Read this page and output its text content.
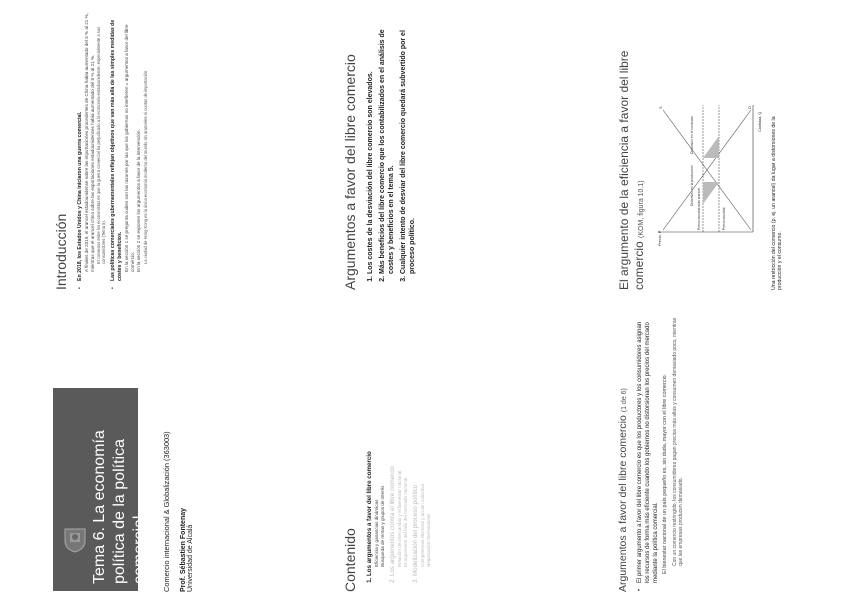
Tema 6. La economía política de la política comercial Comercio internacional & Globalización (363003) Prof. Sébastien Fontenay Universidad de Alcalá	Contenido 1. Los argumentos a favor del libre comercio Eficiencia y ganancias dinámicas Búsqueda de rentas y grupos de interés 2. Los argumentos contra el libre comercio Relación de intercambio y el bienestar nacional El argumento del fallo del mercado nacional 3. Modelización del proceso político Competencia electoral y acción colectiva Negociación internacional	Argumentos a favor del libre comercio (1 de 6)	• El primer argumento a favor del libre comercio es que los productores y los consumidores asignan los recursos de forma más eficiente cuando los gobiernos no distorsionan los precios del mercado mediante la política comercial. El bienestar nacional de un país pequeño es, sin duda, mayor con el libre comercio. Con un comercio restringido, los consumidores pagan precios más altos y consumen demasiado poco, mientras que las empresas producen demasiado.
Introducción • En 2018, los Estados Unidos y China iniciaron una guerra comercial. A finales de 2019, el arancel estadounidense sobre las importaciones procedentes de China había aumentado del 3 % al 21 %, mientras que el arancel chino sobre las exportaciones estadounidenses había aumentado del 8 % al 21 %. El consenso entre los economistas es que la guerra comercial ha perjudicado a la economía estadounidense, especialmente a sus consumidores (Tema 5). • Las políticas comerciales gubernamentales reflejan objetivos que van más allá de las simples medidas de costes y beneficios. En la sección 1 se pregunta cuáles son las razones por las que los gobiernos no interfieren = argumentos a favor del libre comercio. En la sección 2 se exponen los argumentos a favor de la intervención. La ciudad de Hong Kong es la única economía moderna del mundo sin aranceles ni cuotas de importación.	Argumentos a favor del libre comercio 1. Los costes de la desviación del libre comercio son elevados. 2. Más beneficios del libre comercio que los contabilizados en el análisis de costes y beneficios en el tema 5. 3. Cualquier intento de desviar del libre comercio quedará subvertido por el proceso político.	El argumento de la eficiencia a favor del libre comercio (KOM, figura 10.1)
Precio, P
Cantidad, Q
Precio mundial más arancel	Precio mundial
Distorsión en la producción
Distorsión en el consumo
S	D
Una restricción del comercio (p. ej. un arancel) da lugar a distorsiones de la producción y el consumo.
